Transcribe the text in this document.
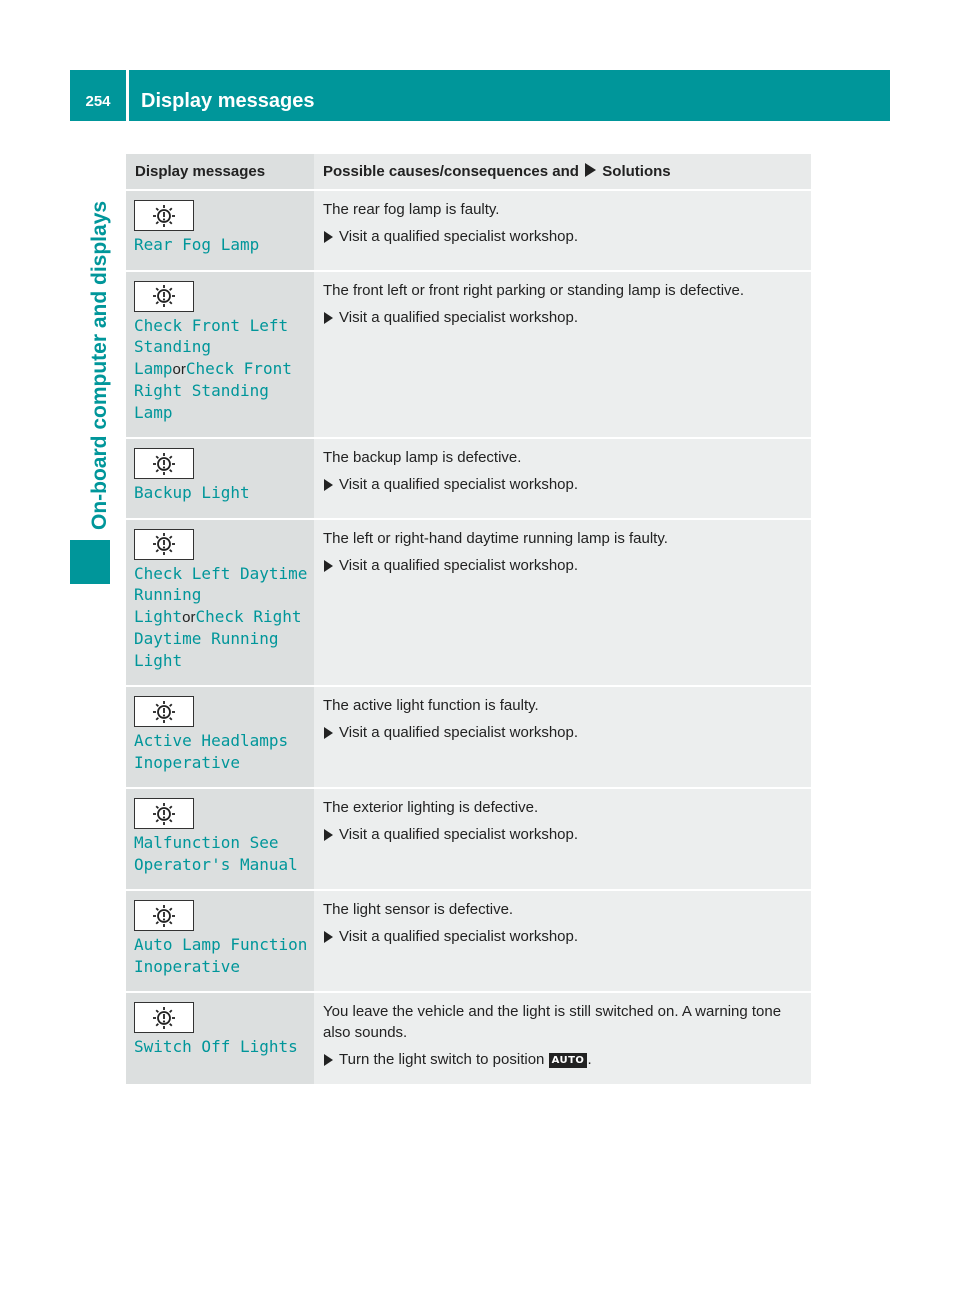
254	Display messages
On-board computer and displays
Display messages	Possible causes/consequences and Solutions

Rear Fog Lamp	The rear fog lamp is faulty.

Visit a qualified specialist workshop.

Check Front Left Standing LamporCheck Front Right Standing Lamp	The front left or front right parking or standing lamp is defective.

Visit a qualified specialist workshop.

Backup Light	The backup lamp is defective.

Visit a qualified specialist workshop.

Check Left Daytime Running LightorCheck Right Daytime Running Light	The left or right-hand daytime running lamp is faulty.

Visit a qualified specialist workshop.

Active Headlamps Inoperative	The active light function is faulty.

Visit a qualified specialist workshop.

Malfunction See Operator's Manual	The exterior lighting is defective.

Visit a qualified specialist workshop.

Auto Lamp Function Inoperative	The light sensor is defective.

Visit a qualified specialist workshop.

Switch Off Lights	You leave the vehicle and the light is still switched on. A warning tone also sounds.

Turn the light switch to position AUTO .
